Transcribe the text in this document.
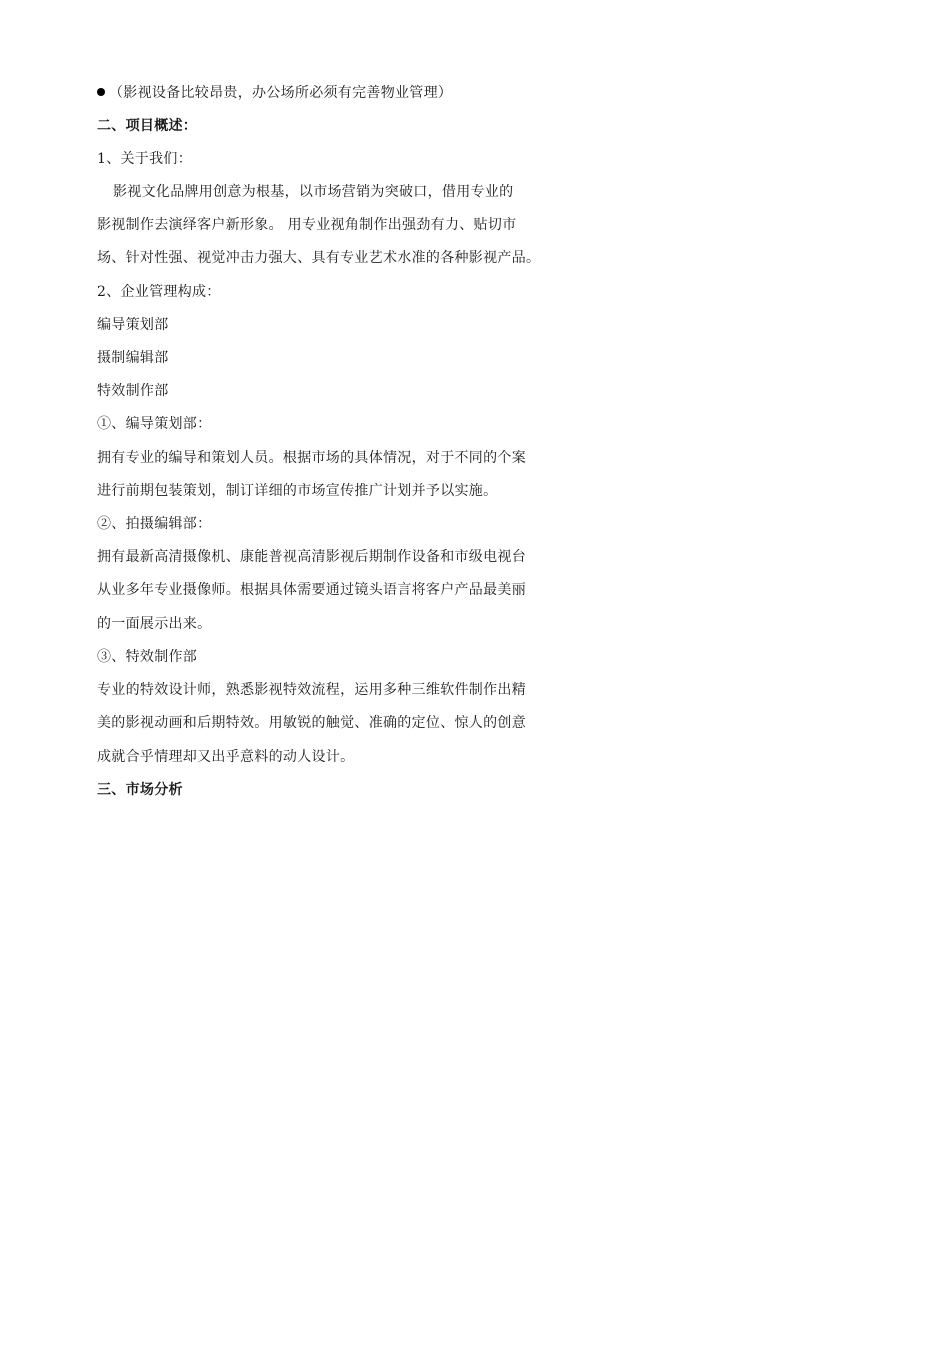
（影视设备比较昂贵，办公场所必须有完善物业管理）
二、项目概述：
1、关于我们：
影视文化品牌用创意为根基，以市场营销为突破口，借用专业的
影视制作去演绎客户新形象。 用专业视角制作出强劲有力、贴切市
场、针对性强、视觉冲击力强大、具有专业艺术水准的各种影视产品。
2、企业管理构成：
编导策划部
摄制编辑部
特效制作部
①、编导策划部：
拥有专业的编导和策划人员。根据市场的具体情况，对于不同的个案
进行前期包装策划，制订详细的市场宣传推广计划并予以实施。
②、拍摄编辑部：
拥有最新高清摄像机、康能普视高清影视后期制作设备和市级电视台
从业多年专业摄像师。根据具体需要通过镜头语言将客户产品最美丽
的一面展示出来。
③、特效制作部
专业的特效设计师，熟悉影视特效流程，运用多种三维软件制作出精
美的影视动画和后期特效。用敏锐的触觉、准确的定位、惊人的创意
成就合乎情理却又出乎意料的动人设计。
三、市场分析
